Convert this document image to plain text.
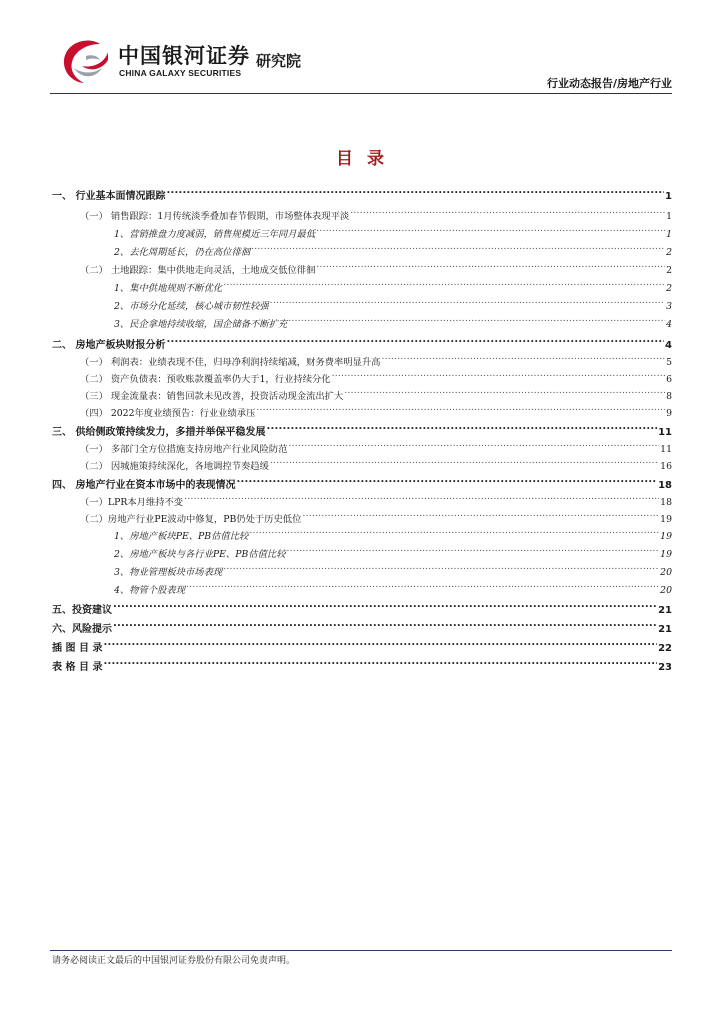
中国银河证券
CHINA GALAXY SECURITIES
研究院
行业动态报告/房地产行业
目 录
一、 行业基本面情况跟踪 .....	1
（一） 销售跟踪：1月传统淡季叠加春节假期，市场整体表现平淡 .....	1
1、营销推盘力度减弱，销售规模近三年同月最低 .....	1
2、去化周期延长，仍在高位徘徊 .....	2
（二） 土地跟踪：集中供地走向灵活，土地成交低位徘徊 .....	2
1、集中供地规则不断优化 .....	2
2、市场分化延续，核心城市韧性较强 .....	3
3、民企拿地持续收缩，国企储备不断扩充 .....	4
二、 房地产板块财报分析 .....	4
（一） 利润表：业绩表现不佳，归母净利润持续缩减，财务费率明显升高 .....	5
（二） 资产负债表：预收账款覆盖率仍大于1，行业持续分化 .....	6
（三） 现金流量表：销售回款未见改善，投资活动现金流出扩大 .....	8
（四） 2022年度业绩预告：行业业绩承压 .....	9
三、 供给侧政策持续发力，多措并举保平稳发展 .....	11
（一） 多部门全方位措施支持房地产行业风险防范 .....	11
（二） 因城施策持续深化，各地调控节奏趋缓 .....	16
四、 房地产行业在资本市场中的表现情况 .....	18
（一）LPR本月维持不变 .....	18
（二）房地产行业PE波动中修复，PB仍处于历史低位 .....	19
1、房地产板块PE、PB估值比较 .....	19
2、房地产板块与各行业PE、PB估值比较 .....	19
3、物业管理板块市场表现 .....	20
4、物管个股表现 .....	20
五、投资建议 .....	21
六、风险提示 .....	21
插 图 目 录 .....	22
表 格 目 录 .....	23
请务必阅读正文最后的中国银河证券股份有限公司免责声明。
